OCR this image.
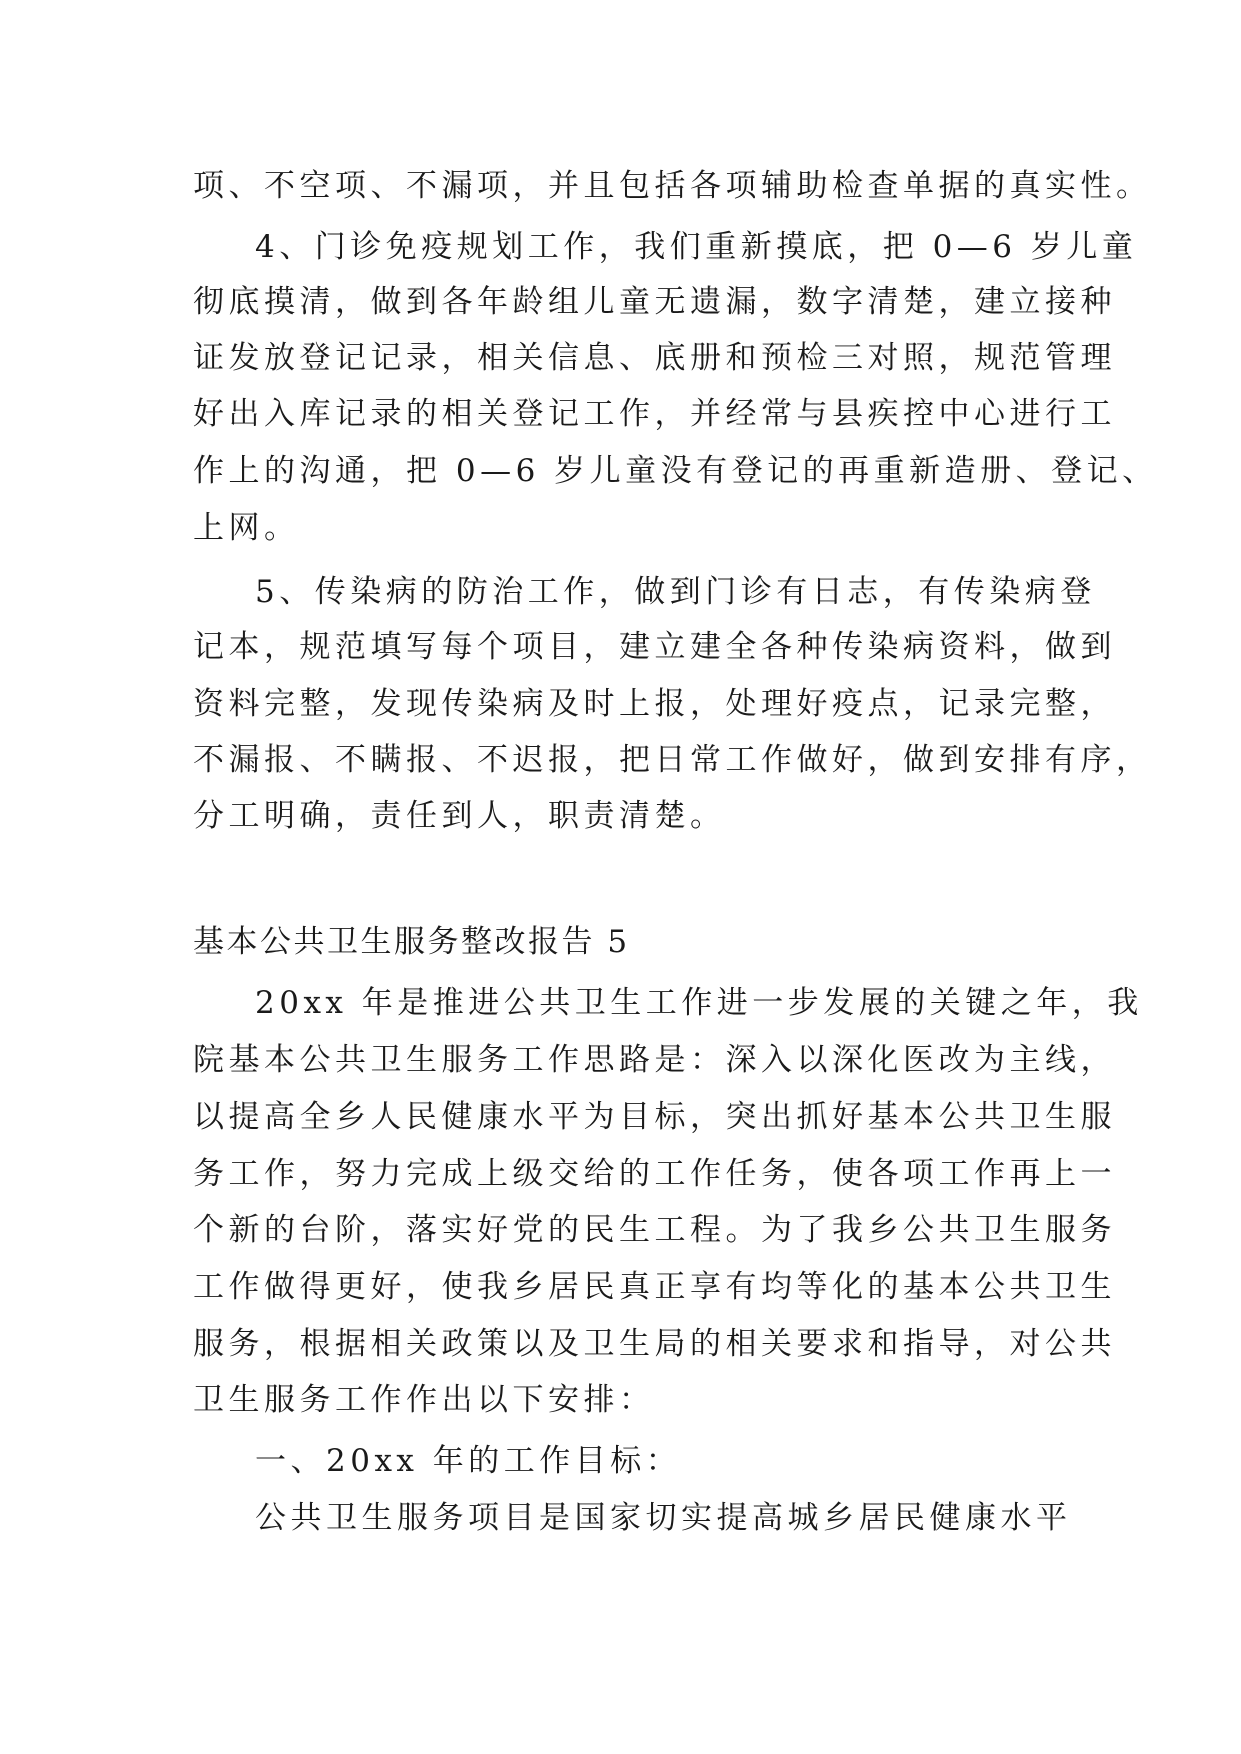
项、不空项、不漏项，并且包括各项辅助检查单据的真实性。
4、门诊免疫规划工作，我们重新摸底，把 0—6 岁儿童
彻底摸清，做到各年龄组儿童无遗漏，数字清楚，建立接种
证发放登记记录，相关信息、底册和预检三对照，规范管理
好出入库记录的相关登记工作，并经常与县疾控中心进行工
作上的沟通，把 0—6 岁儿童没有登记的再重新造册、登记、
上网。
5、传染病的防治工作，做到门诊有日志，有传染病登
记本，规范填写每个项目，建立建全各种传染病资料，做到
资料完整，发现传染病及时上报，处理好疫点，记录完整，
不漏报、不瞒报、不迟报，把日常工作做好，做到安排有序，
分工明确，责任到人，职责清楚。
基本公共卫生服务整改报告 5
20xx 年是推进公共卫生工作进一步发展的关键之年，我
院基本公共卫生服务工作思路是：深入以深化医改为主线，
以提高全乡人民健康水平为目标，突出抓好基本公共卫生服
务工作，努力完成上级交给的工作任务，使各项工作再上一
个新的台阶，落实好党的民生工程。为了我乡公共卫生服务
工作做得更好，使我乡居民真正享有均等化的基本公共卫生
服务，根据相关政策以及卫生局的相关要求和指导，对公共
卫生服务工作作出以下安排：
一、20xx 年的工作目标：
公共卫生服务项目是国家切实提高城乡居民健康水平
